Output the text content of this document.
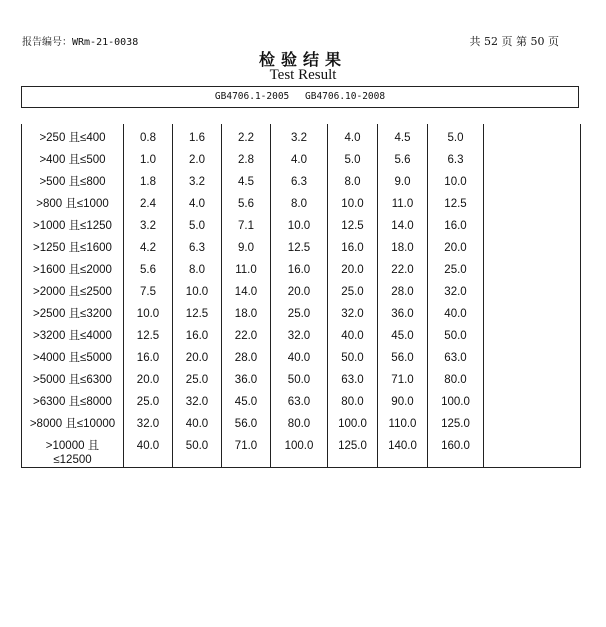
报告编号：WRm-21-0038	共 52 页 第 50 页
检验结果
Test Result
GB4706.1-2005 GB4706.10-2008
>250 且≤400	0.8	1.6	2.2	3.2	4.0	4.5	5.0	
>400 且≤500	1.0	2.0	2.8	4.0	5.0	5.6	6.3	
>500 且≤800	1.8	3.2	4.5	6.3	8.0	9.0	10.0	
>800 且≤1000	2.4	4.0	5.6	8.0	10.0	11.0	12.5	
>1000 且≤1250	3.2	5.0	7.1	10.0	12.5	14.0	16.0	
>1250 且≤1600	4.2	6.3	9.0	12.5	16.0	18.0	20.0	
>1600 且≤2000	5.6	8.0	11.0	16.0	20.0	22.0	25.0	
>2000 且≤2500	7.5	10.0	14.0	20.0	25.0	28.0	32.0	
>2500 且≤3200	10.0	12.5	18.0	25.0	32.0	36.0	40.0	
>3200 且≤4000	12.5	16.0	22.0	32.0	40.0	45.0	50.0	
>4000 且≤5000	16.0	20.0	28.0	40.0	50.0	56.0	63.0	
>5000 且≤6300	20.0	25.0	36.0	50.0	63.0	71.0	80.0	
>6300 且≤8000	25.0	32.0	45.0	63.0	80.0	90.0	100.0	
>8000 且≤10000	32.0	40.0	56.0	80.0	100.0	110.0	125.0	
>10000 且
≤12500	40.0	50.0	71.0	100.0	125.0	140.0	160.0	
